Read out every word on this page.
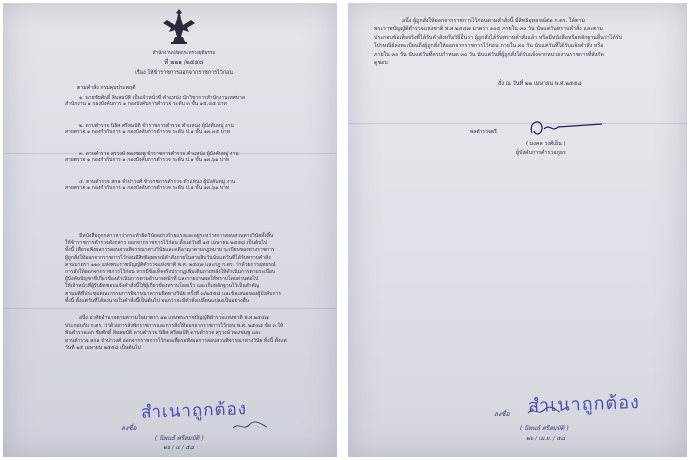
สำนักงานปลัดกระทรวงยุติธรรม
ที่ ๒๒๑ /๒๕๕๘
เรื่อง ให้ข้าราชการออกจากราชการไว้ก่อน
ตามคำสั่ง กรมคุมประพฤติ
๑. นายชัยศักดิ์ ลิ่มสมบัติ เป็นเจ้าหน้าที่ ตำแหน่ง นักวิชาการสำนักงานเทศบาล
สำนักงาน ๑ กองบังคับการ ๑ กองบังคับการตำรวจ ระดับ ๓ ขั้น ๑๕,๔๕ บาท
๒. ดาบตำรวจ นิธิศ ศรีสมบัติ ข้าราชการตำรวจ ตำแหน่ง ผู้บังคับหมู่ งาน
สายตรวจ ๑ กองกำกับการ ๑ กองบังคับการตำรวจ ระดับ ป.๑ ขั้น ๑๓,๓๕ บาท
๓. ดาบตำรวจ สุรวงษ์ ทองชมพู ข้าราชการตำรวจ ตำแหน่ง ผู้บังคับหมู่ งาน
สายตรวจ ๑ กองกำกับการ ๑ กองบังคับการตำรวจ ระดับ ป.๑ ขั้น ๑๓,๖๑ บาท
๔. ดาบตำรวจ สกล จำปาวงศ์ ข้าราชการตำรวจ ตำแหน่ง ผู้บังคับหมู่ งาน
สายตรวจ ๑ กองกำกับการ ๑ กองบังคับการตำรวจ ระดับ ป.๑ ขั้น ๑๓,๖๑ บาท
มีหนังสือถูกกล่าวหาว่ากระทำผิดวินัยอย่างร้ายแรงและอยู่ระหว่างการสอบสวนทางวินัยทั้งสิ้น
ให้ข้าราชการตำรวจดังกล่าว ออกจากราชการไว้ก่อน ตั้งแต่วันที่ ๑๕ เมษายน ๒๕๕๘ เป็นต้นไป
ทั้งนี้ เพื่อรอฟังผลการสอบสวนพิจารณาทางวินัยและคดีอาญาตามกฎหมาย ระเบียบของทางราชการ
ผู้ถูกสั่งให้ออกจากราชการไว้ก่อนมีสิทธิอุทธรณ์คำสั่งภายในสามสิบวันนับแต่วันที่ได้รับทราบคำสั่ง
ตามมาตรา ๑๑๐ แห่งพระราชบัญญัติตำรวจแห่งชาติ พ.ศ. ๒๕๔๗ และกฎ ก.ตร. ว่าด้วยการอุทธรณ์
การสั่งให้ออกจากราชการไว้ก่อน หากมีข้อเท็จจริงปรากฏเพิ่มเติมภายหลังให้ดำเนินการตามระเบียบ
ผู้บังคับบัญชาที่เกี่ยวข้องดำเนินการตามอำนาจหน้าที่ และรายงานผลให้ทราบโดยด่วนต่อไป
ให้เจ้าหน้าที่ผู้รับผิดชอบแจ้งคำสั่งนี้ให้ผู้เกี่ยวข้องทราบโดยเร็ว และเก็บหลักฐานไว้เป็นสำคัญ
ตามมติที่ประชุมคณะกรรมการพิจารณาความผิดทางวินัย ครั้งที่ ๓/๒๕๕๘ และข้อเสนอของผู้บังคับการ
ทั้งนี้ ตั้งแต่วันที่ได้ลงนามในคำสั่งนี้เป็นต้นไป จนกว่าจะมีคำสั่งเปลี่ยนแปลงเป็นอย่างอื่น
อนึ่ง อาศัยอำนาจตามความในมาตรา ๑๒ แห่งพระราชบัญญัติตำรวจแห่งชาติ พ.ศ.๒๕๔๗
ประกอบกับ ก.ตร. ว่าด้วยการสั่งพักราชการและการสั่งให้ออกจากราชการไว้ก่อน พ.ศ. ๒๕๔๘ ข้อ ๓ ให้
พันตำรวจเอก ชัยศักดิ์ ลิ่มสมบัติ ดาบตำรวจ นิธิศ ศรีสมบัติ ดาบตำรวจ สุรวงษ์ ทองชมพู และ
ดาบตำรวจ สกล จำปาวงศ์ ออกจากราชการไว้ก่อนเพื่อรอฟังผลการสอบสวนพิจารณาทางวินัย ทั้งนี้ ตั้งแต่
วันที่ ๑๕ เมษายน ๒๕๕๘ เป็นต้นไป
สำเนาถูกต้อง
ลงชื่อ
( นิพนธ์ ศรีสมบัติ )
๒๖ / ๔ / ๕๘
อนึ่ง ผู้ถูกสั่งให้ออกจากราชการไว้ก่อนตามคำสั่งนี้ มีสิทธิอุทธรณ์ต่อ ก.ตร. ได้ตาม
พระราชบัญญัติตำรวจแห่งชาติ พ.ศ.๒๕๔๗ มาตรา ๑๐๕ ภายใน ๓๐ วัน นับแต่วันทราบคำสั่ง และตาม
ประกอบข้อเท็จจริงที่ได้รับคำสั่งหรือวิธีอื่นว่า ผู้ถูกสั่งได้รับทราบคำสั่งแล้ว หรือมีหนังสือหรือหลักฐานอื่นว่าได้รับ
ไปรษณีย์ลงทะเบียนถึงผู้ถูกสั่งให้ออกจากราชการไว้ก่อน ภายใน ๓๐ วัน นับแต่วันที่ได้รับแจ้งคำสั่ง หรือ
ภายใน ๓๐ วัน นับแต่วันที่ครบกำหนด ๓๐ วัน นับแต่วันที่ผู้ถูกสั่งได้รับแจ้งจากหน่วยงานราชการที่สังกัด
ดูชอบ
สั่ง ณ วันที่ ๒๒ เมษายน พ.ศ.๒๕๕๘
พลตำรวจตรี
( มงคล วงศ์เย็น )
ผู้บังคับการตำรวจภูธร
สำเนาถูกต้อง
ลงชื่อ
( นิพนธ์ ศรีสมบัติ )
๒๖ / เม.ย. / ๕๘
